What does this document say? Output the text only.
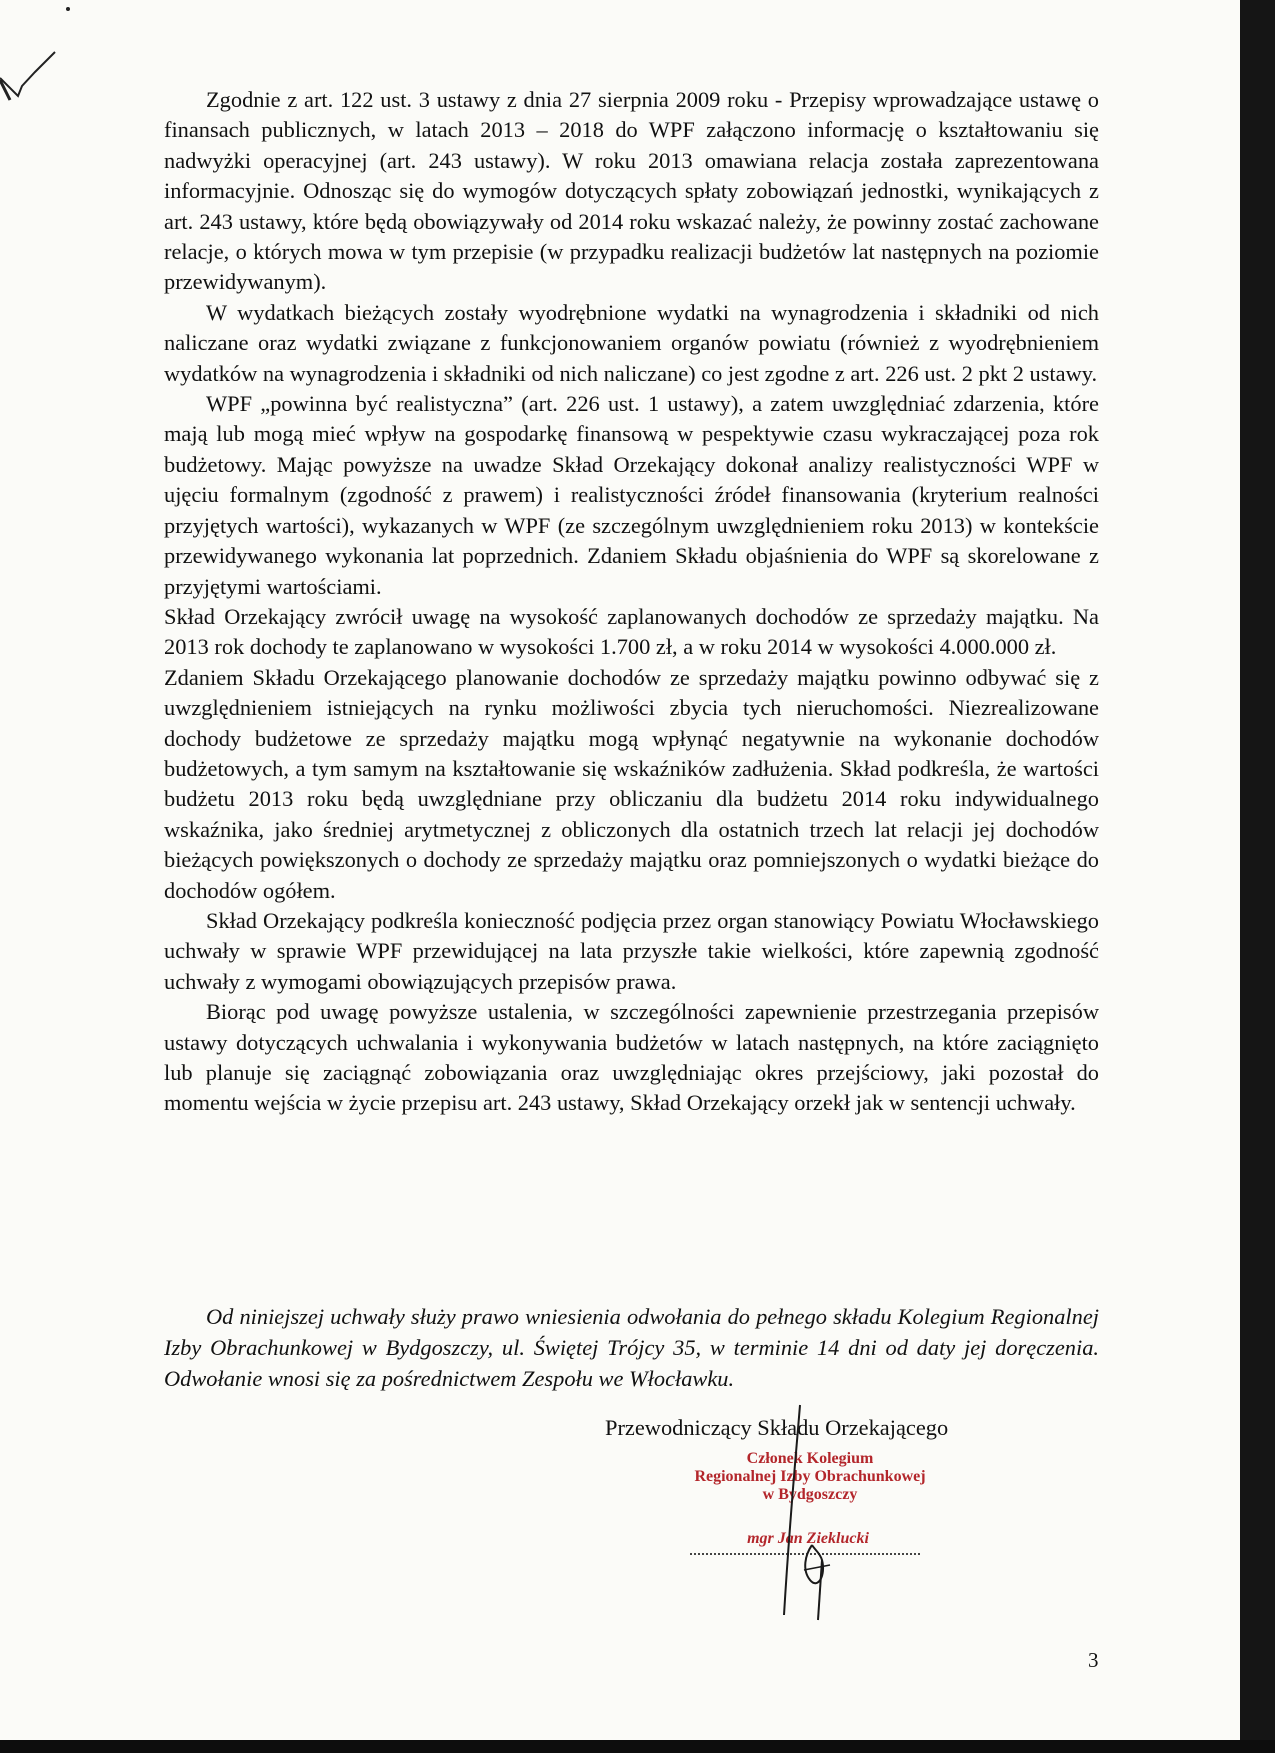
Zgodnie z art. 122 ust. 3 ustawy z dnia 27 sierpnia 2009 roku - Przepisy wprowadzające ustawę o finansach publicznych, w latach 2013 – 2018 do WPF załączono informację o kształtowaniu się nadwyżki operacyjnej (art. 243 ustawy). W roku 2013 omawiana relacja została zaprezentowana informacyjnie. Odnosząc się do wymogów dotyczących spłaty zobowiązań jednostki, wynikających z art. 243 ustawy, które będą obowiązywały od 2014 roku wskazać należy, że powinny zostać zachowane relacje, o których mowa w tym przepisie (w przypadku realizacji budżetów lat następnych na poziomie przewidywanym).

W wydatkach bieżących zostały wyodrębnione wydatki na wynagrodzenia i składniki od nich naliczane oraz wydatki związane z funkcjonowaniem organów powiatu (również z wyodrębnieniem wydatków na wynagrodzenia i składniki od nich naliczane) co jest zgodne z art. 226 ust. 2 pkt 2 ustawy.

WPF „powinna być realistyczna” (art. 226 ust. 1 ustawy), a zatem uwzględniać zdarzenia, które mają lub mogą mieć wpływ na gospodarkę finansową w pespektywie czasu wykraczającej poza rok budżetowy. Mając powyższe na uwadze Skład Orzekający dokonał analizy realistyczności WPF w ujęciu formalnym (zgodność z prawem) i realistyczności źródeł finansowania (kryterium realności przyjętych wartości), wykazanych w WPF (ze szczególnym uwzględnieniem roku 2013) w kontekście przewidywanego wykonania lat poprzednich. Zdaniem Składu objaśnienia do WPF są skorelowane z przyjętymi wartościami.

Skład Orzekający zwrócił uwagę na wysokość zaplanowanych dochodów ze sprzedaży majątku. Na 2013 rok dochody te zaplanowano w wysokości 1.700 zł, a w roku 2014 w wysokości 4.000.000 zł.

Zdaniem Składu Orzekającego planowanie dochodów ze sprzedaży majątku powinno odbywać się z uwzględnieniem istniejących na rynku możliwości zbycia tych nieruchomości. Niezrealizowane dochody budżetowe ze sprzedaży majątku mogą wpłynąć negatywnie na wykonanie dochodów budżetowych, a tym samym na kształtowanie się wskaźników zadłużenia. Skład podkreśla, że wartości budżetu 2013 roku będą uwzględniane przy obliczaniu dla budżetu 2014 roku indywidualnego wskaźnika, jako średniej arytmetycznej z obliczonych dla ostatnich trzech lat relacji jej dochodów bieżących powiększonych o dochody ze sprzedaży majątku oraz pomniejszonych o wydatki bieżące do dochodów ogółem.

Skład Orzekający podkreśla konieczność podjęcia przez organ stanowiący Powiatu Włocławskiego uchwały w sprawie WPF przewidującej na lata przyszłe takie wielkości, które zapewnią zgodność uchwały z wymogami obowiązujących przepisów prawa.

Biorąc pod uwagę powyższe ustalenia, w szczególności zapewnienie przestrzegania przepisów ustawy dotyczących uchwalania i wykonywania budżetów w latach następnych, na które zaciągnięto lub planuje się zaciągnąć zobowiązania oraz uwzględniając okres przejściowy, jaki pozostał do momentu wejścia w życie przepisu art. 243 ustawy, Skład Orzekający orzekł jak w sentencji uchwały.

Od niniejszej uchwały służy prawo wniesienia odwołania do pełnego składu Kolegium Regionalnej Izby Obrachunkowej w Bydgoszczy, ul. Świętej Trójcy 35, w terminie 14 dni od daty jej doręczenia. Odwołanie wnosi się za pośrednictwem Zespołu we Włocławku.

Przewodniczący Składu Orzekającego
Członek Kolegium
Regionalnej Izby Obrachunkowej
w Bydgoszczy
mgr Jan Zieklucki
3
